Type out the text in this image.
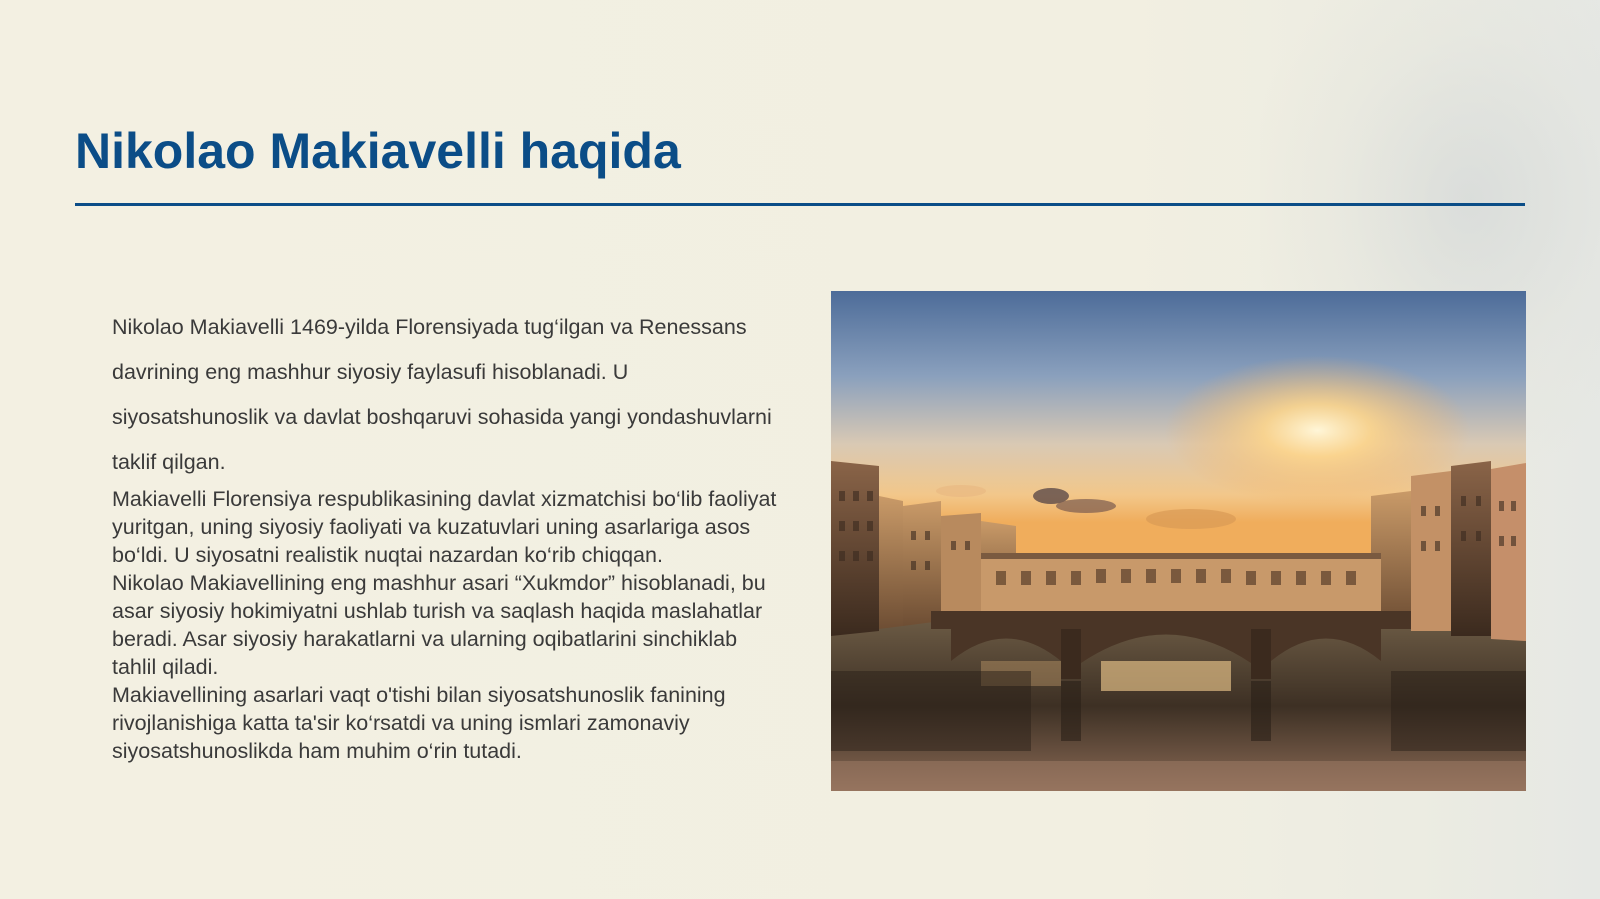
Nikolao Makiavelli haqida

Nikolao Makiavelli 1469-yilda Florensiyada tug‘ilgan va Renessans davrining eng mashhur siyosiy faylasufi hisoblanadi. U siyosatshunoslik va davlat boshqaruvi sohasida yangi yondashuvlarni taklif qilgan.

Makiavelli Florensiya respublikasining davlat xizmatchisi bo‘lib faoliyat yuritgan, uning siyosiy faoliyati va kuzatuvlari uning asarlariga asos bo‘ldi. U siyosatni realistik nuqtai nazardan ko‘rib chiqqan.

Nikolao Makiavellining eng mashhur asari “Xukmdor” hisoblanadi, bu asar siyosiy hokimiyatni ushlab turish va saqlash haqida maslahatlar beradi. Asar siyosiy harakatlarni va ularning oqibatlarini sinchiklab tahlil qiladi.

Makiavellining asarlari vaqt o'tishi bilan siyosatshunoslik fanining rivojlanishiga katta ta'sir ko‘rsatdi va uning ismlari zamonaviy siyosatshunoslikda ham muhim o‘rin tutadi.
